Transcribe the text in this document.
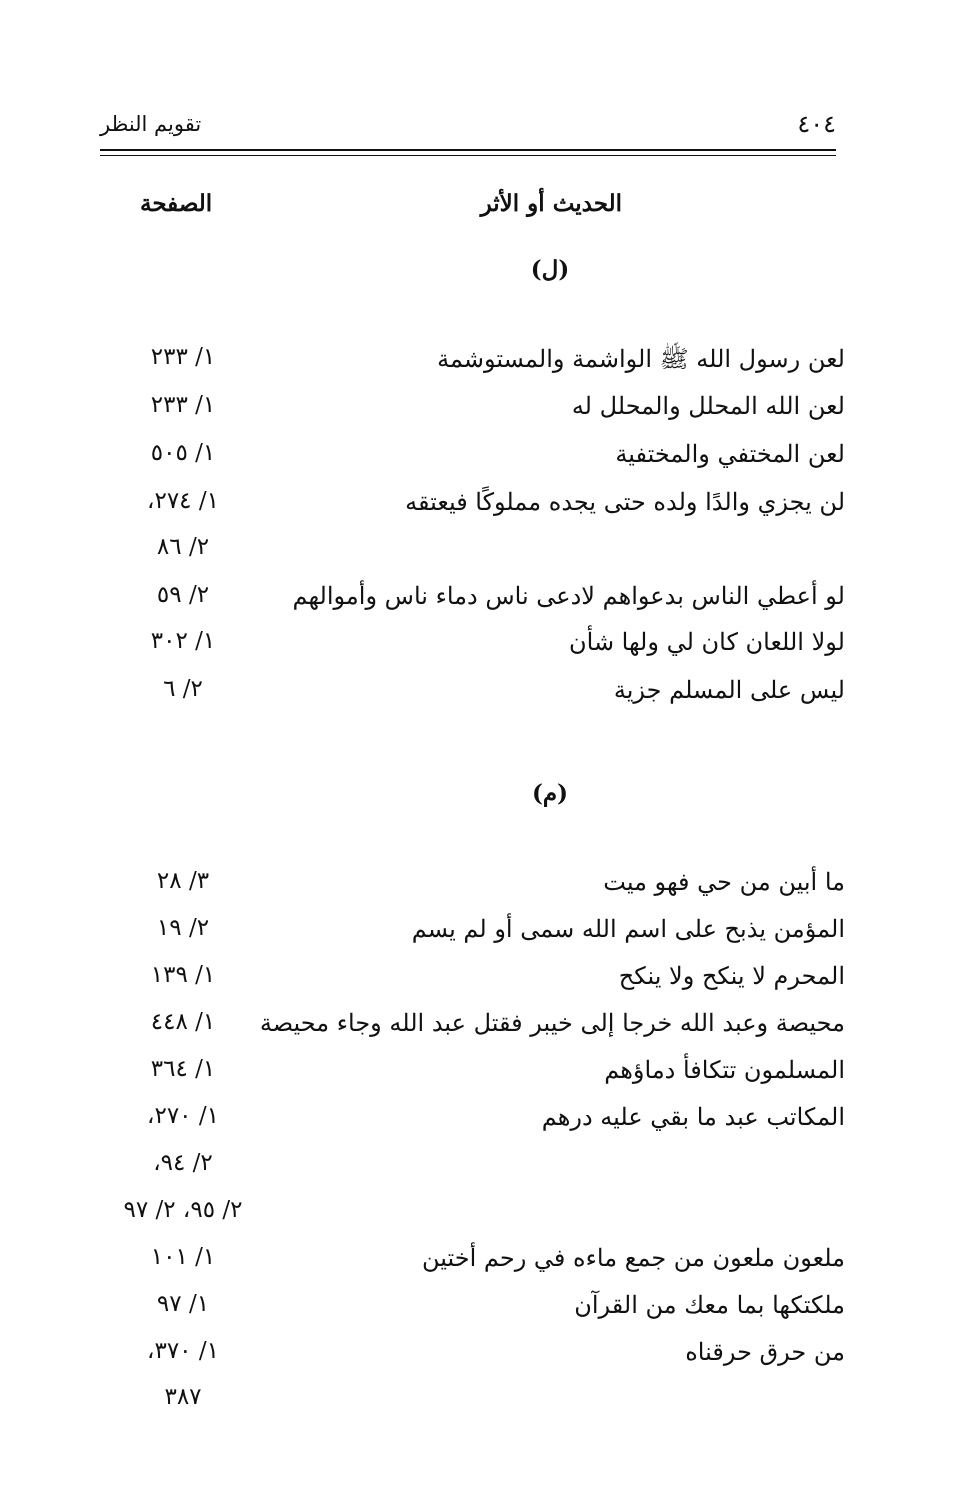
٤٠٤
تقويم النظر
الحديث أو الأثر
الصفحة
(ل)
لعن رسول الله ﷺ الواشمة والمستوشمة
١/ ٢٣٣
لعن الله المحلل والمحلل له
١/ ٢٣٣
لعن المختفي والمختفية
١/ ٥٠٥
لن يجزي والدًا ولده حتى يجده مملوكًا فيعتقه
١/ ٢٧٤،
٢/ ٨٦
لو أعطي الناس بدعواهم لادعى ناس دماء ناس وأموالهم
٢/ ٥٩
لولا اللعان كان لي ولها شأن
١/ ٣٠٢
ليس على المسلم جزية
٢/ ٦
(م)
ما أبين من حي فهو ميت
٣/ ٢٨
المؤمن يذبح على اسم الله سمى أو لم يسم
٢/ ١٩
المحرم لا ينكح ولا ينكح
١/ ١٣٩
محيصة وعبد الله خرجا إلى خيبر فقتل عبد الله وجاء محيصة
١/ ٤٤٨
المسلمون تتكافأ دماؤهم
١/ ٣٦٤
المكاتب عبد ما بقي عليه درهم
١/ ٢٧٠،
٢/ ٩٤،
٢/ ٩٥، ٢/ ٩٧
ملعون ملعون من جمع ماءه في رحم أختين
١/ ١٠١
ملكتكها بما معك من القرآن
١/ ٩٧
من حرق حرقناه
١/ ٣٧٠،
٣٨٧
